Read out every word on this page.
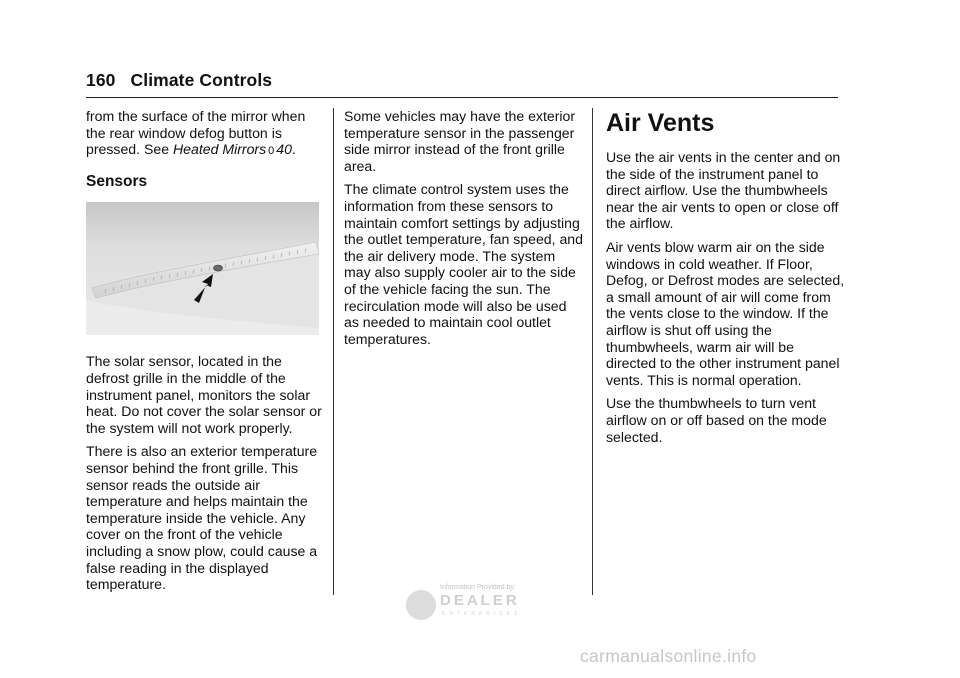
160 Climate Controls

from the surface of the mirror when the rear window defog button is pressed. See Heated Mirrors 0 40.

Sensors

The solar sensor, located in the defrost grille in the middle of the instrument panel, monitors the solar heat. Do not cover the solar sensor or the system will not work properly.

There is also an exterior temperature sensor behind the front grille. This sensor reads the outside air temperature and helps maintain the temperature inside the vehicle. Any cover on the front of the vehicle including a snow plow, could cause a false reading in the displayed temperature.

Some vehicles may have the exterior temperature sensor in the passenger side mirror instead of the front grille area.

The climate control system uses the information from these sensors to maintain comfort settings by adjusting the outlet temperature, fan speed, and the air delivery mode. The system may also supply cooler air to the side of the vehicle facing the sun. The recirculation mode will also be used as needed to maintain cool outlet temperatures.

Air Vents

Use the air vents in the center and on the side of the instrument panel to direct airflow. Use the thumbwheels near the air vents to open or close off the airflow.

Air vents blow warm air on the side windows in cold weather. If Floor, Defog, or Defrost modes are selected, a small amount of air will come from the vents close to the window. If the airflow is shut off using the thumbwheels, warm air will be directed to the other instrument panel vents. This is normal operation.

Use the thumbwheels to turn vent airflow on or off based on the mode selected.

Information Provided by:
DEALER
ENTERPRISES
carmanualsonline.info
